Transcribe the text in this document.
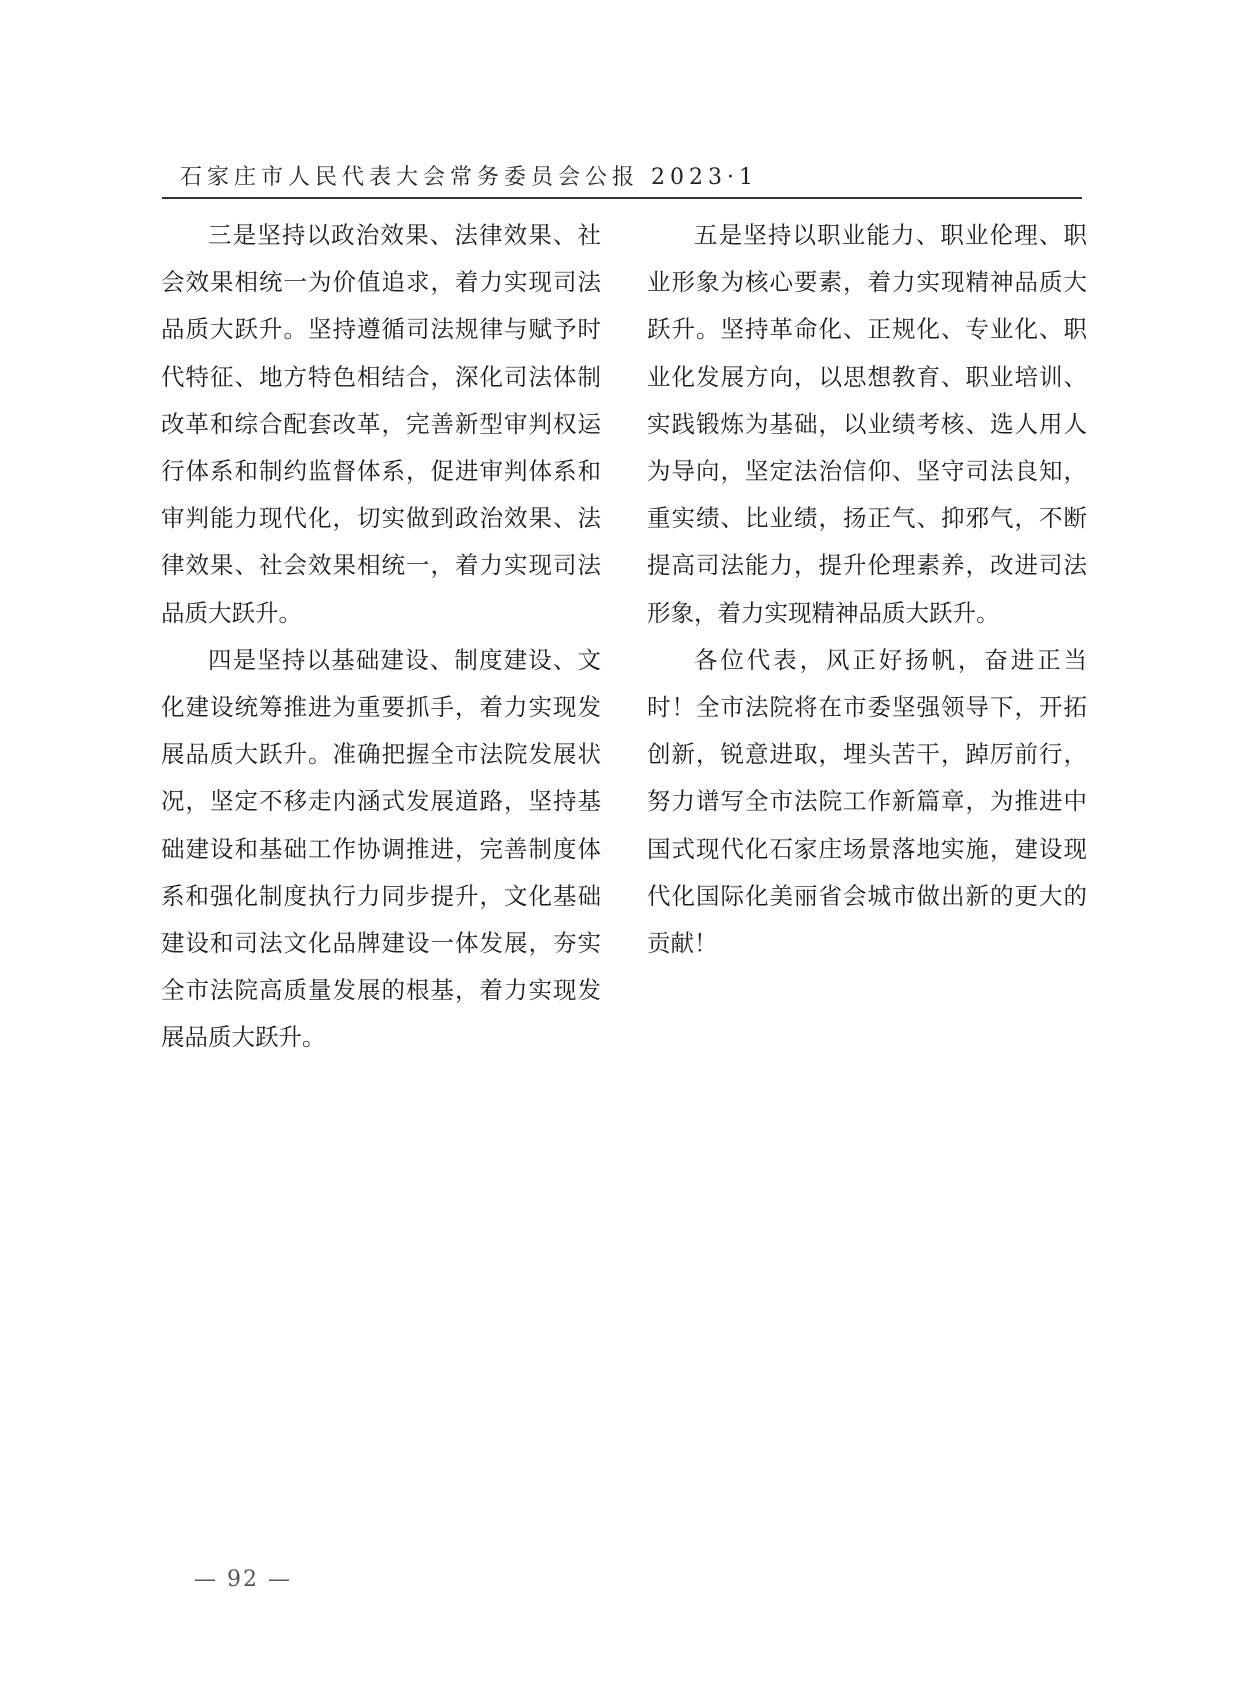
石家庄市人民代表大会常务委员会公报 2023·1

三是坚持以政治效果、法律效果、社会效果相统一为价值追求，着力实现司法品质大跃升。坚持遵循司法规律与赋予时代特征、地方特色相结合，深化司法体制改革和综合配套改革，完善新型审判权运行体系和制约监督体系，促进审判体系和审判能力现代化，切实做到政治效果、法律效果、社会效果相统一，着力实现司法品质大跃升。

四是坚持以基础建设、制度建设、文化建设统筹推进为重要抓手，着力实现发展品质大跃升。准确把握全市法院发展状况，坚定不移走内涵式发展道路，坚持基础建设和基础工作协调推进，完善制度体系和强化制度执行力同步提升，文化基础建设和司法文化品牌建设一体发展，夯实全市法院高质量发展的根基，着力实现发展品质大跃升。

五是坚持以职业能力、职业伦理、职业形象为核心要素，着力实现精神品质大跃升。坚持革命化、正规化、专业化、职业化发展方向，以思想教育、职业培训、实践锻炼为基础，以业绩考核、选人用人为导向，坚定法治信仰、坚守司法良知，重实绩、比业绩，扬正气、抑邪气，不断提高司法能力，提升伦理素养，改进司法形象，着力实现精神品质大跃升。

各位代表，风正好扬帆，奋进正当时！全市法院将在市委坚强领导下，开拓创新，锐意进取，埋头苦干，踔厉前行，努力谱写全市法院工作新篇章，为推进中国式现代化石家庄场景落地实施，建设现代化国际化美丽省会城市做出新的更大的贡献！

— 92 —
